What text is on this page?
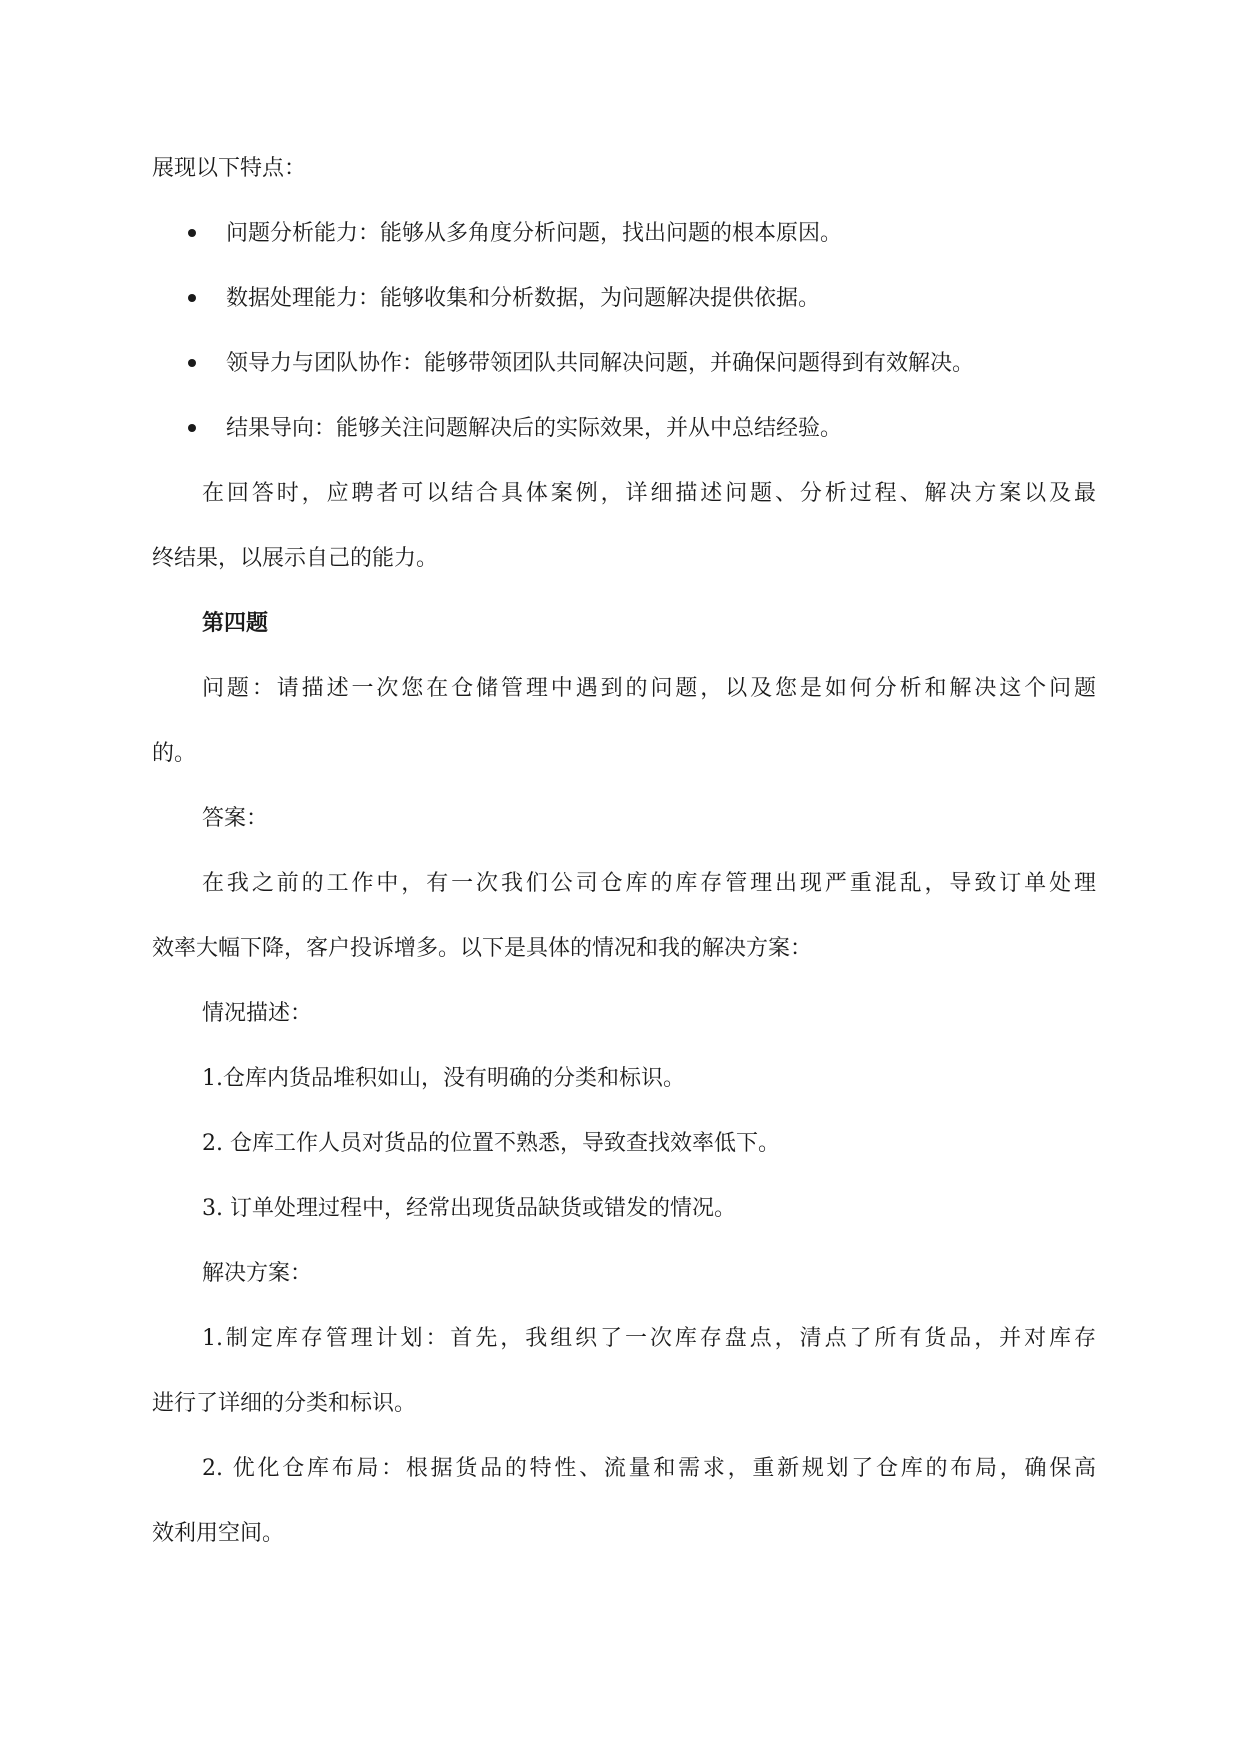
展现以下特点：
问题分析能力：能够从多角度分析问题，找出问题的根本原因。
数据处理能力：能够收集和分析数据，为问题解决提供依据。
领导力与团队协作：能够带领团队共同解决问题，并确保问题得到有效解决。
结果导向：能够关注问题解决后的实际效果，并从中总结经验。
在回答时，应聘者可以结合具体案例，详细描述问题、分析过程、解决方案以及最
终结果，以展示自己的能力。
第四题
问题：请描述一次您在仓储管理中遇到的问题，以及您是如何分析和解决这个问题
的。
答案：
在我之前的工作中，有一次我们公司仓库的库存管理出现严重混乱，导致订单处理
效率大幅下降，客户投诉增多。以下是具体的情况和我的解决方案：
情况描述：
1.仓库内货品堆积如山，没有明确的分类和标识。
2. 仓库工作人员对货品的位置不熟悉，导致查找效率低下。
3. 订单处理过程中，经常出现货品缺货或错发的情况。
解决方案：
1.制定库存管理计划：首先，我组织了一次库存盘点，清点了所有货品，并对库存
进行了详细的分类和标识。
2. 优化仓库布局：根据货品的特性、流量和需求，重新规划了仓库的布局，确保高
效利用空间。
